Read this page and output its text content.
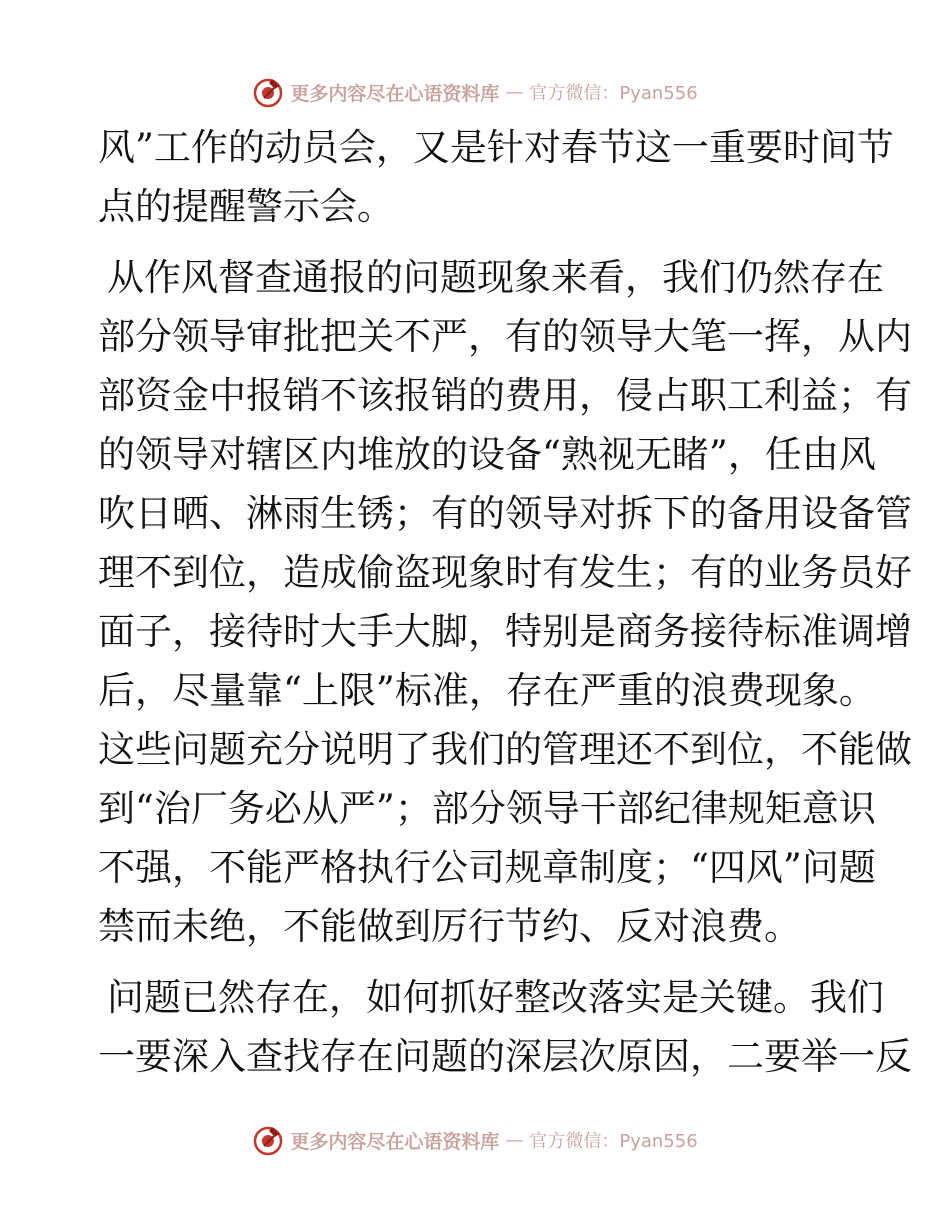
更多内容尽在心语资料库 — 官方微信：Pyan556
风”工作的动员会，又是针对春节这一重要时间节
点的提醒警示会。
从作风督查通报的问题现象来看，我们仍然存在
部分领导审批把关不严，有的领导大笔一挥，从内
部资金中报销不该报销的费用，侵占职工利益；有
的领导对辖区内堆放的设备“熟视无睹”，任由风
吹日晒、淋雨生锈；有的领导对拆下的备用设备管
理不到位，造成偷盗现象时有发生；有的业务员好
面子，接待时大手大脚，特别是商务接待标准调增
后，尽量靠“上限”标准，存在严重的浪费现象。
这些问题充分说明了我们的管理还不到位，不能做
到“治厂务必从严”；部分领导干部纪律规矩意识
不强，不能严格执行公司规章制度；“四风”问题
禁而未绝，不能做到厉行节约、反对浪费。
问题已然存在，如何抓好整改落实是关键。我们
一要深入查找存在问题的深层次原因，二要举一反
更多内容尽在心语资料库 — 官方微信：Pyan556
